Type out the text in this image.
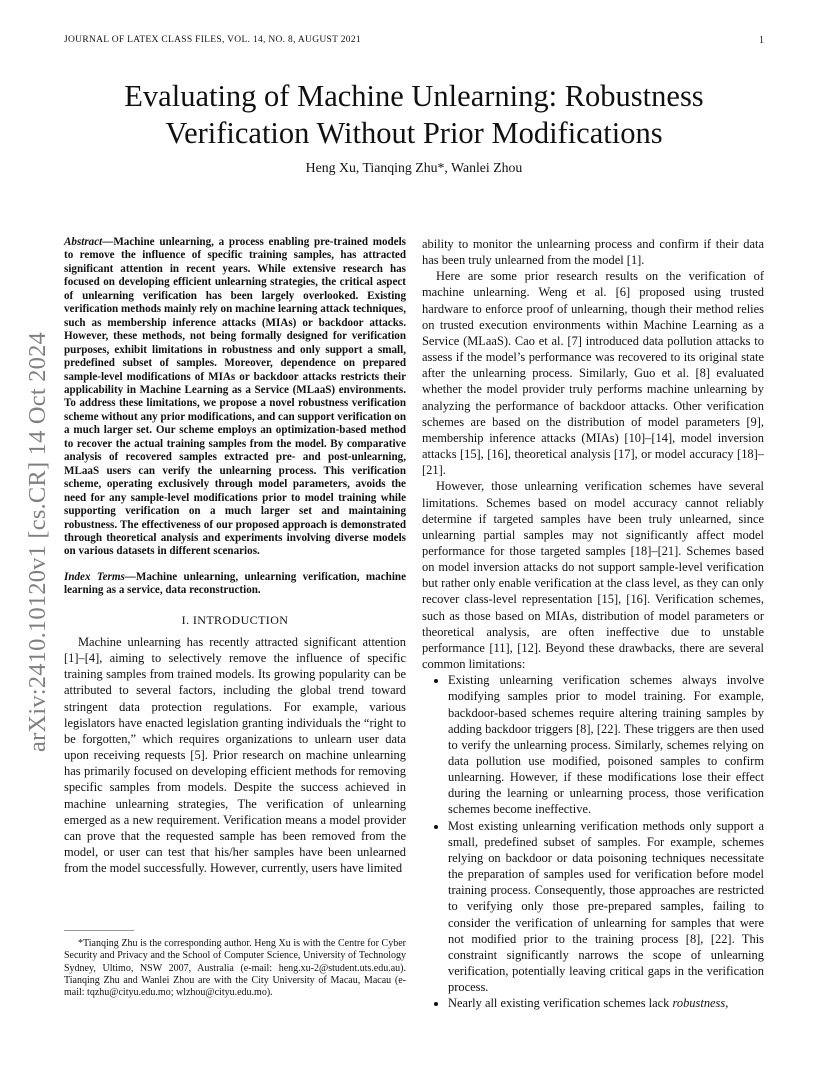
JOURNAL OF LATEX CLASS FILES, VOL. 14, NO. 8, AUGUST 2021	1
Evaluating of Machine Unlearning: Robustness Verification Without Prior Modifications
Heng Xu, Tianqing Zhu*, Wanlei Zhou
arXiv:2410.10120v1 [cs.CR] 14 Oct 2024
Abstract—Machine unlearning, a process enabling pre-trained models to remove the influence of specific training samples, has attracted significant attention in recent years. While extensive research has focused on developing efficient unlearning strategies, the critical aspect of unlearning verification has been largely overlooked. Existing verification methods mainly rely on machine learning attack techniques, such as membership inference attacks (MIAs) or backdoor attacks. However, these methods, not being formally designed for verification purposes, exhibit limitations in robustness and only support a small, predefined subset of samples. Moreover, dependence on prepared sample-level modifications of MIAs or backdoor attacks restricts their applicability in Machine Learning as a Service (MLaaS) environments. To address these limitations, we propose a novel robustness verification scheme without any prior modifications, and can support verification on a much larger set. Our scheme employs an optimization-based method to recover the actual training samples from the model. By comparative analysis of recovered samples extracted pre- and post-unlearning, MLaaS users can verify the unlearning process. This verification scheme, operating exclusively through model parameters, avoids the need for any sample-level modifications prior to model training while supporting verification on a much larger set and maintaining robustness. The effectiveness of our proposed approach is demonstrated through theoretical analysis and experiments involving diverse models on various datasets in different scenarios.
Index Terms—Machine unlearning, unlearning verification, machine learning as a service, data reconstruction.
I. INTRODUCTION

Machine unlearning has recently attracted significant attention [1]–[4], aiming to selectively remove the influence of specific training samples from trained models. Its growing popularity can be attributed to several factors, including the global trend toward stringent data protection regulations. For example, various legislators have enacted legislation granting individuals the “right to be forgotten,” which requires organizations to unlearn user data upon receiving requests [5]. Prior research on machine unlearning has primarily focused on developing efficient methods for removing specific samples from models. Despite the success achieved in machine unlearning strategies, The verification of unlearning emerged as a new requirement. Verification means a model provider can prove that the requested sample has been removed from the model, or user can test that his/her samples have been unlearned from the model successfully. However, currently, users have limited

ability to monitor the unlearning process and confirm if their data has been truly unlearned from the model [1].

Here are some prior research results on the verification of machine unlearning. Weng et al. [6] proposed using trusted hardware to enforce proof of unlearning, though their method relies on trusted execution environments within Machine Learning as a Service (MLaaS). Cao et al. [7] introduced data pollution attacks to assess if the model’s performance was recovered to its original state after the unlearning process. Similarly, Guo et al. [8] evaluated whether the model provider truly performs machine unlearning by analyzing the performance of backdoor attacks. Other verification schemes are based on the distribution of model parameters [9], membership inference attacks (MIAs) [10]–[14], model inversion attacks [15], [16], theoretical analysis [17], or model accuracy [18]–[21].

However, those unlearning verification schemes have several limitations. Schemes based on model accuracy cannot reliably determine if targeted samples have been truly unlearned, since unlearning partial samples may not significantly affect model performance for those targeted samples [18]–[21]. Schemes based on model inversion attacks do not support sample-level verification but rather only enable verification at the class level, as they can only recover class-level representation [15], [16]. Verification schemes, such as those based on MIAs, distribution of model parameters or theoretical analysis, are often ineffective due to unstable performance [11], [12]. Beyond these drawbacks, there are several common limitations:

• Existing unlearning verification schemes always involve modifying samples prior to model training. For example, backdoor-based schemes require altering training samples by adding backdoor triggers [8], [22]. These triggers are then used to verify the unlearning process. Similarly, schemes relying on data pollution use modified, poisoned samples to confirm unlearning. However, if these modifications lose their effect during the learning or unlearning process, those verification schemes become ineffective.
• Most existing unlearning verification methods only support a small, predefined subset of samples. For example, schemes relying on backdoor or data poisoning techniques necessitate the preparation of samples used for verification before model training process. Consequently, those approaches are restricted to verifying only those pre-prepared samples, failing to consider the verification of unlearning for samples that were not modified prior to the training process [8], [22]. This constraint significantly narrows the scope of unlearning verification, potentially leaving critical gaps in the verification process.
• Nearly all existing verification schemes lack robustness,

*Tianqing Zhu is the corresponding author. Heng Xu is with the Centre for Cyber Security and Privacy and the School of Computer Science, University of Technology Sydney, Ultimo, NSW 2007, Australia (e-mail: heng.xu-2@student.uts.edu.au). Tianqing Zhu and Wanlei Zhou are with the City University of Macau, Macau (e-mail: tqzhu@cityu.edu.mo; wlzhou@cityu.edu.mo).
